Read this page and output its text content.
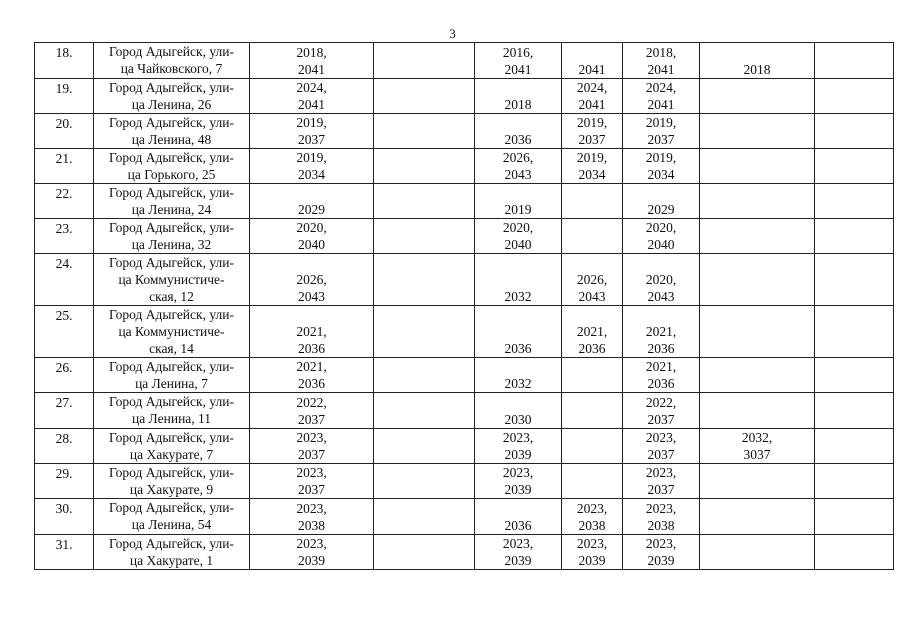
3
18.	Город Адыгейск, ули-
ца Чайковского, 7	2018,
2041		2016,
2041	2041	2018,
2041	2018	

19.	Город Адыгейск, ули-
ца Ленина, 26	2024,
2041		2018	2024,
2041	2024,
2041		

20.	Город Адыгейск, ули-
ца Ленина, 48	2019,
2037		2036	2019,
2037	2019,
2037		

21.	Город Адыгейск, ули-
ца Горького, 25	2019,
2034		2026,
2043	2019,
2034	2019,
2034		

22.	Город Адыгейск, ули-
ца Ленина, 24	2029		2019		2029		

23.	Город Адыгейск, ули-
ца Ленина, 32	2020,
2040		2020,
2040		2020,
2040		

24.	Город Адыгейск, ули-
ца Коммунистиче-
ская, 12	2026,
2043		2032	2026,
2043	2020,
2043		

25.	Город Адыгейск, ули-
ца Коммунистиче-
ская, 14	2021,
2036		2036	2021,
2036	2021,
2036		

26.	Город Адыгейск, ули-
ца Ленина, 7	2021,
2036		2032		2021,
2036		

27.	Город Адыгейск, ули-
ца Ленина, 11	2022,
2037		2030		2022,
2037		

28.	Город Адыгейск, ули-
ца Хакурате, 7	2023,
2037		2023,
2039		2023,
2037	2032,
3037	

29.	Город Адыгейск, ули-
ца Хакурате, 9	2023,
2037		2023,
2039		2023,
2037		

30.	Город Адыгейск, ули-
ца Ленина, 54	2023,
2038		2036	2023,
2038	2023,
2038		

31.	Город Адыгейск, ули-
ца Хакурате, 1	2023,
2039		2023,
2039	2023,
2039	2023,
2039		
